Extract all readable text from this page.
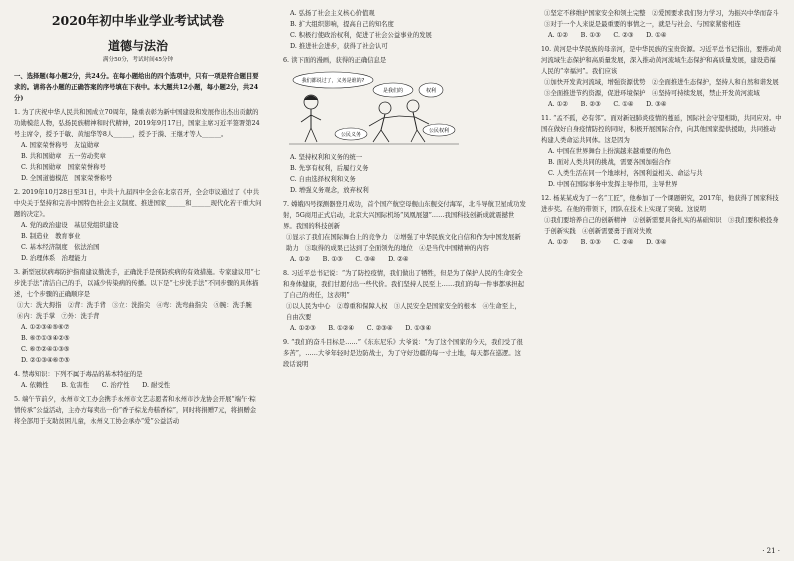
2020年初中毕业学业考试试卷
道德与法治
满分50分，考试时间45分钟

一、选择题(每小题2分，共24分。在每小题给出的四个选项中，只有一项是符合题目要求的。请将各小题的正确答案的序号填在下表中。本大题共12小题，每小题2分，共24分)

1. 为了庆祝中华人民共和国成立70周年，隆重表彰为新中国建设和发展作出杰出贡献的功勋模范人物，弘扬民族精神和时代精神，2019年9月17日，国家主席习近平签署第24号主席令，授予于敏、黄旭华等8人______，授予于漪、王继才等人______。

A. 国家荣誉称号　友谊勋章

B. 共和国勋章　五一劳动奖章

C. 共和国勋章　国家荣誉称号

D. 全国道德模范　国家荣誉称号

2. 2019年10月28日至31日，中共十九届四中全会在北京召开，全会审议通过了《中共中央关于坚持和完善中国特色社会主义制度、推进国家______和______现代化若干重大问题的决定》。

A. 党的政治建设　基层党组织建设

B. 制造业　教育事业

C. 基本经济制度　依法治国

D. 治理体系　治理能力

3. 新型冠状病毒防护指南建议勤洗手，正确洗手是预防疾病的有效措施。专家建议用“七步洗手法”清洁自己的手，以减少传染病的传播。以下是“七步洗手法”不同步骤的具体描述，七个步骤的正确顺序是

①大：洗大拇指　②背：洗手背　③立：洗指尖　④弯：洗弯曲指尖　⑤腕：洗手腕　⑥内：洗手掌　⑦外：洗手背

A. ①②③④⑤⑥⑦

B. ⑥⑦①③④②⑤

C. ⑥⑦②④①③⑤

D. ②①③④⑥⑦⑤

4. 禁毒知识：下列不属于毒品的基本特征的是

A. 依赖性　　B. 危害性　　C. 治疗性　　D. 耐受性

5. 端午节前夕，永州市文工办会携手永州市文艺志愿者和永州市沙龙协会开展“端午·粽情传承”公益活动，主办方每卖出一份“香子棕龙舟糕香棕”，同时将捐赠7元，将捐赠金将全部用于支助贫困儿童，永州义工协会承办“爱”公益活动

A. 弘扬了社会主义核心价值观

B. 扩大组织影响，提高自己的知名度

C. 积极行使政治权利，促进了社会公益事业的发展

D. 推进社会进步，获得了社会认可

6. 读下面的漫画，获得的正确信息是

我们都说过了，义务是谁的?
是我们的	权利
公民义务
公民权利

A. 坚持权利和义务的统一

B. 先享有权利，后履行义务

C. 自由选择权利和义务

D. 增强义务观念，放弃权利

7. 嫦娥四号探测器登月成功，首个国产航空母舰山东舰交付海军，北斗导航卫星成功发射，5G商用正式启动，北京大兴国际机场“凤凰展翅”……我国科技创新成就震撼世界。我国的科技创新

①显示了我们在国际舞台上的竞争力　②增强了中华民族文化自信和作为中国发展新助力　③取得的成果已达到了全面领先的地位　④是当代中国精神的内容

A. ①②　　B. ①③　　C. ③④　　D. ②④

8. 习近平总书记说：“为了防控疫情，我们做出了牺牲，但是为了保护人民的生命安全和身体健康，我们甘愿付出一些代价。我们坚持人民至上……我们的每一件事都承担起了自己的责任，这表明”

①以人民为中心　②尊重和保障人权　③人民安全是国家安全的根本　④生命至上，自由次要

A. ①②③　　B. ①②④　　C. ②③④　　D. ①③④

9. “我们的奋斗目标是……”《东东尼乐》大爷说：“为了这个国家的今天，我们受了很多苦”，……大爷年轻时是边防战士，为了守好边疆的每一寸土地，每天都在巡逻。这段话说明

①坚定不移维护国家安全和领土完整　②爱国要求我们努力学习，为振兴中华而奋斗　③对于一个人来说是最重要的事情之一，就是与社会、与国家紧密相连

A. ①②　　B. ①③　　C. ②③　　D. ①④

10. 黄河是中华民族的母亲河，是中华民族的宝贵资源。习近平总书记指出，要推动黄河流域生态保护和高质量发展，深入推动黄河流域生态保护和高质量发展，建设造福人民的“幸福河”。我们应该

①加快开发黄河流域，增强资源优势　②全面推进生态保护，坚持人和自然和谐发展　③全面推进节约资源，促进环境保护　④坚持可持续发展，禁止开发黄河流域

A. ①②　　B. ②③　　C. ①④　　D. ③④

11. “孟不孤，必有邻”。面对新冠肺炎疫情的蔓延，国际社会守望相助，共同应对。中国在做好自身疫情防控的同时，积极开展国际合作，向其他国家提供援助，共同推动构建人类命运共同体。这是因为

A. 中国在世界舞台上扮演越来越重要的角色

B. 面对人类共同的挑战，需要各国加强合作

C. 人类生活在同一个地球村，各国利益相关、命运与共

D. 中国在国际事务中发挥主导作用，主导世界

12. 杨某某成为了一名“工匠”，他参加了一个课题研究，2017年，他获得了国家科技进步奖。在他的带领下，团队在技术上实现了突破。这说明

①我们要培养自己的创新精神　②创新需要具备扎实的基础知识　③我们要积极投身于创新实践　④创新需要勇于面对失败

A. ①②　　B. ①③　　C. ②④　　D. ③④

· 21 ·
